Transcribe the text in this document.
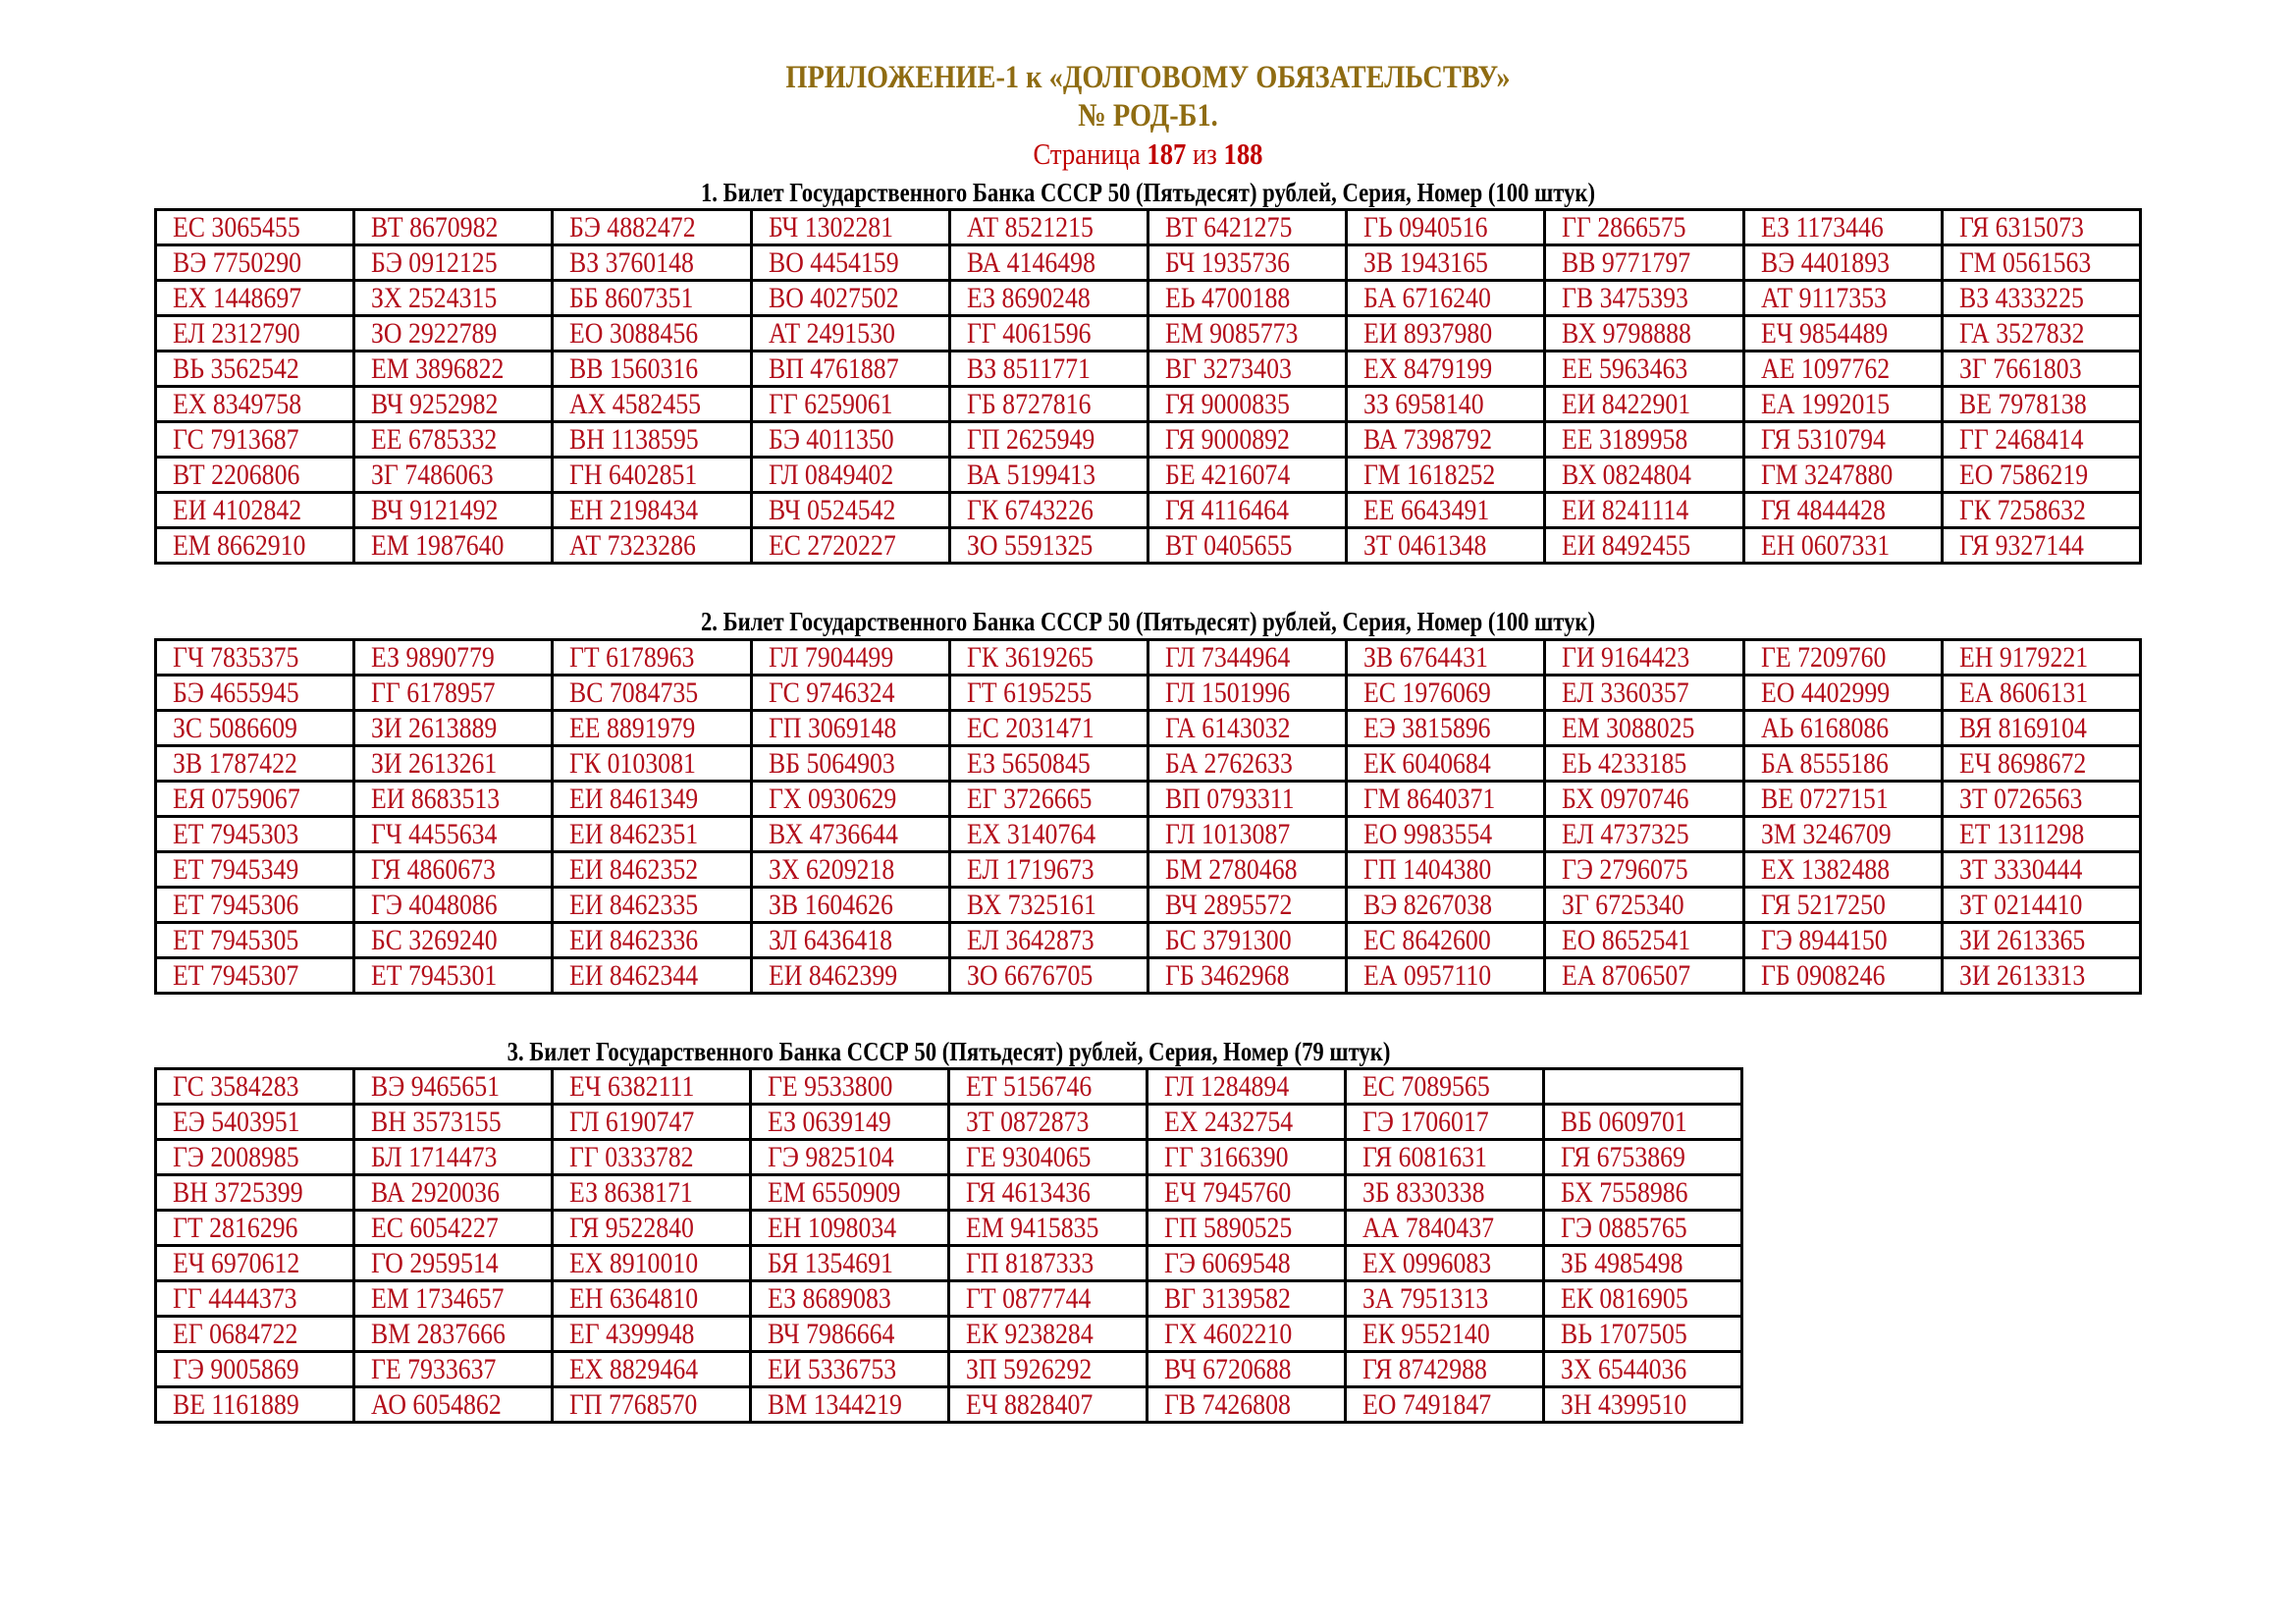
ПРИЛОЖЕНИЕ-1 к «ДОЛГОВОМУ ОБЯЗАТЕЛЬСТВУ»
№ РОД-Б1.
Страница 187 из 188
1. Билет Государственного Банка СССР 50 (Пятьдесят) рублей, Серия, Номер (100 штук)
ЕС 3065455	ВТ 8670982	БЭ 4882472	БЧ 1302281	АТ 8521215	ВТ 6421275	ГЬ 0940516	ГГ 2866575	ЕЗ 1173446	ГЯ 6315073
ВЭ 7750290	БЭ 0912125	ВЗ 3760148	ВО 4454159	ВА 4146498	БЧ 1935736	ЗВ 1943165	ВВ 9771797	ВЭ 4401893	ГМ 0561563
ЕХ 1448697	ЗХ 2524315	ББ 8607351	ВО 4027502	ЕЗ 8690248	ЕЬ 4700188	БА 6716240	ГВ 3475393	АТ 9117353	ВЗ 4333225
ЕЛ 2312790	ЗО 2922789	ЕО 3088456	АТ 2491530	ГГ 4061596	ЕМ 9085773	ЕИ 8937980	ВХ 9798888	ЕЧ 9854489	ГА 3527832
ВЬ 3562542	ЕМ 3896822	ВВ 1560316	ВП 4761887	ВЗ 8511771	ВГ 3273403	ЕХ 8479199	ЕЕ 5963463	АЕ 1097762	ЗГ 7661803
ЕХ 8349758	ВЧ 9252982	АХ 4582455	ГГ 6259061	ГБ 8727816	ГЯ 9000835	ЗЗ 6958140	ЕИ 8422901	ЕА 1992015	ВЕ 7978138
ГС 7913687	ЕЕ 6785332	ВН 1138595	БЭ 4011350	ГП 2625949	ГЯ 9000892	ВА 7398792	ЕЕ 3189958	ГЯ 5310794	ГГ 2468414
ВТ 2206806	ЗГ 7486063	ГН 6402851	ГЛ 0849402	ВА 5199413	БЕ 4216074	ГМ 1618252	ВХ 0824804	ГМ 3247880	ЕО 7586219
ЕИ 4102842	ВЧ 9121492	ЕН 2198434	ВЧ 0524542	ГК 6743226	ГЯ 4116464	ЕЕ 6643491	ЕИ 8241114	ГЯ 4844428	ГК 7258632
ЕМ 8662910	ЕМ 1987640	АТ 7323286	ЕС 2720227	ЗО 5591325	ВТ 0405655	ЗТ 0461348	ЕИ 8492455	ЕН 0607331	ГЯ 9327144
2. Билет Государственного Банка СССР 50 (Пятьдесят) рублей, Серия, Номер (100 штук)
ГЧ 7835375	ЕЗ 9890779	ГТ 6178963	ГЛ 7904499	ГК 3619265	ГЛ 7344964	ЗВ 6764431	ГИ 9164423	ГЕ 7209760	ЕН 9179221
БЭ 4655945	ГГ 6178957	ВС 7084735	ГС 9746324	ГТ 6195255	ГЛ 1501996	ЕС 1976069	ЕЛ 3360357	ЕО 4402999	ЕА 8606131
ЗС 5086609	ЗИ 2613889	ЕЕ 8891979	ГП 3069148	ЕС 2031471	ГА 6143032	ЕЭ 3815896	ЕМ 3088025	АЬ 6168086	ВЯ 8169104
ЗВ 1787422	ЗИ 2613261	ГК 0103081	ВБ 5064903	ЕЗ 5650845	БА 2762633	ЕК 6040684	ЕЬ 4233185	БА 8555186	ЕЧ 8698672
ЕЯ 0759067	ЕИ 8683513	ЕИ 8461349	ГХ 0930629	ЕГ 3726665	ВП 0793311	ГМ 8640371	БХ 0970746	ВЕ 0727151	ЗТ 0726563
ЕТ 7945303	ГЧ 4455634	ЕИ 8462351	ВХ 4736644	ЕХ 3140764	ГЛ 1013087	ЕО 9983554	ЕЛ 4737325	ЗМ 3246709	ЕТ 1311298
ЕТ 7945349	ГЯ 4860673	ЕИ 8462352	ЗХ 6209218	ЕЛ 1719673	БМ 2780468	ГП 1404380	ГЭ 2796075	ЕХ 1382488	ЗТ 3330444
ЕТ 7945306	ГЭ 4048086	ЕИ 8462335	ЗВ 1604626	ВХ 7325161	ВЧ 2895572	ВЭ 8267038	ЗГ 6725340	ГЯ 5217250	ЗТ 0214410
ЕТ 7945305	БС 3269240	ЕИ 8462336	ЗЛ 6436418	ЕЛ 3642873	БС 3791300	ЕС 8642600	ЕО 8652541	ГЭ 8944150	ЗИ 2613365
ЕТ 7945307	ЕТ 7945301	ЕИ 8462344	ЕИ 8462399	ЗО 6676705	ГБ 3462968	ЕА 0957110	ЕА 8706507	ГБ 0908246	ЗИ 2613313
3. Билет Государственного Банка СССР 50 (Пятьдесят) рублей, Серия, Номер (79 штук)
ГС 3584283	ВЭ 9465651	ЕЧ 6382111	ГЕ 9533800	ЕТ 5156746	ГЛ 1284894	ЕС 7089565	
ЕЭ 5403951	ВН 3573155	ГЛ 6190747	ЕЗ 0639149	ЗТ 0872873	ЕХ 2432754	ГЭ 1706017	ВБ 0609701
ГЭ 2008985	БЛ 1714473	ГГ 0333782	ГЭ 9825104	ГЕ 9304065	ГГ 3166390	ГЯ 6081631	ГЯ 6753869
ВН 3725399	ВА 2920036	ЕЗ 8638171	ЕМ 6550909	ГЯ 4613436	ЕЧ 7945760	ЗБ 8330338	БХ 7558986
ГТ 2816296	ЕС 6054227	ГЯ 9522840	ЕН 1098034	ЕМ 9415835	ГП 5890525	АА 7840437	ГЭ 0885765
ЕЧ 6970612	ГО 2959514	ЕХ 8910010	БЯ 1354691	ГП 8187333	ГЭ 6069548	ЕХ 0996083	ЗБ 4985498
ГГ 4444373	ЕМ 1734657	ЕН 6364810	ЕЗ 8689083	ГТ 0877744	ВГ 3139582	ЗА 7951313	ЕК 0816905
ЕГ 0684722	ВМ 2837666	ЕГ 4399948	ВЧ 7986664	ЕК 9238284	ГХ 4602210	ЕК 9552140	ВЬ 1707505
ГЭ 9005869	ГЕ 7933637	ЕХ 8829464	ЕИ 5336753	ЗП 5926292	ВЧ 6720688	ГЯ 8742988	ЗХ 6544036
ВЕ 1161889	АО 6054862	ГП 7768570	ВМ 1344219	ЕЧ 8828407	ГВ 7426808	ЕО 7491847	ЗН 4399510
